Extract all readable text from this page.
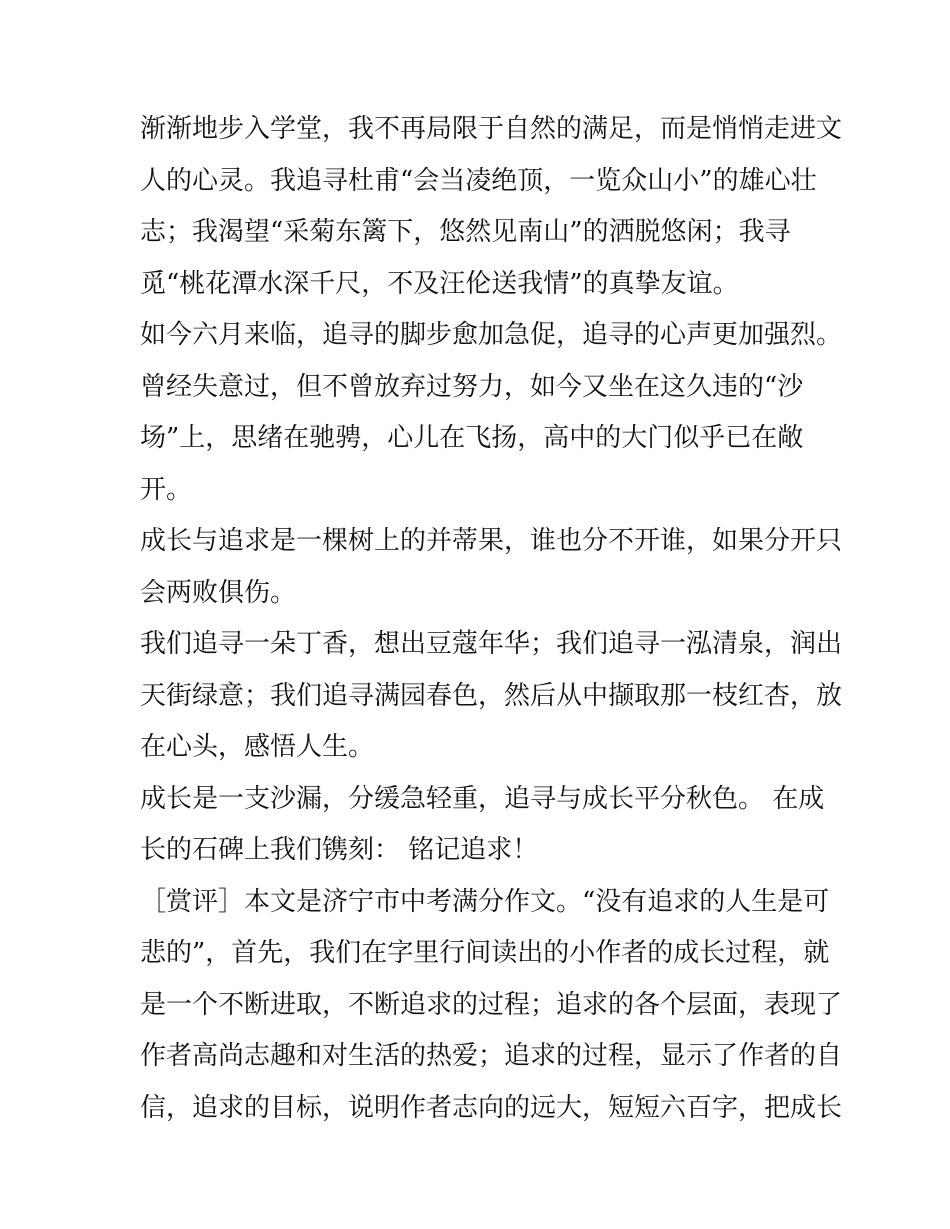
渐渐地步入学堂，我不再局限于自然的满足，而是悄悄走进文
人的心灵。我追寻杜甫“会当凌绝顶，一览众山小”的雄心壮
志；我渴望“采菊东篱下，悠然见南山”的洒脱悠闲；我寻
觅“桃花潭水深千尺，不及汪伦送我情”的真挚友谊。
如今六月来临，追寻的脚步愈加急促，追寻的心声更加强烈。
曾经失意过，但不曾放弃过努力，如今又坐在这久违的“沙
场”上，思绪在驰骋，心儿在飞扬，高中的大门似乎已在敞
开。
成长与追求是一棵树上的并蒂果，谁也分不开谁，如果分开只
会两败俱伤。
我们追寻一朵丁香，想出豆蔻年华；我们追寻一泓清泉，润出
天街绿意；我们追寻满园春色，然后从中撷取那一枝红杏，放
在心头，感悟人生。
成长是一支沙漏，分缓急轻重，追寻与成长平分秋色。 在成
长的石碑上我们镌刻： 铭记追求！
［赏评］本文是济宁市中考满分作文。“没有追求的人生是可
悲的”，首先，我们在字里行间读出的小作者的成长过程，就
是一个不断进取，不断追求的过程；追求的各个层面，表现了
作者高尚志趣和对生活的热爱；追求的过程，显示了作者的自
信，追求的目标，说明作者志向的远大，短短六百字，把成长
